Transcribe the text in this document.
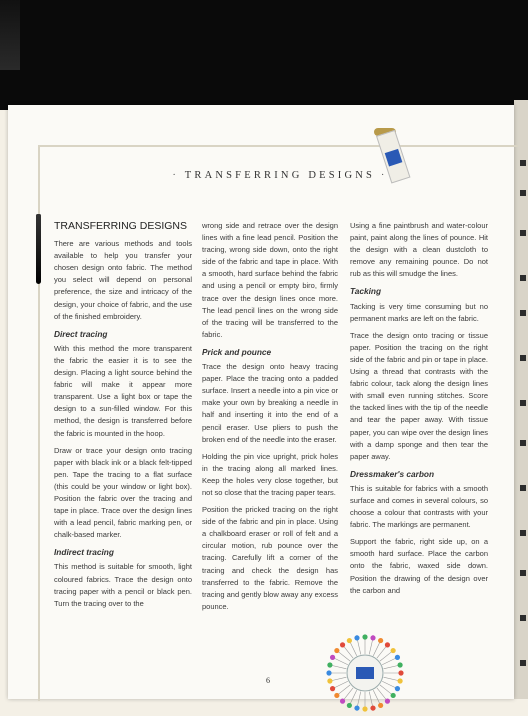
· TRANSFERRING DESIGNS ·
TRANSFERRING DESIGNS

There are various methods and tools available to help you transfer your chosen design onto fabric. The method you select will depend on personal preference, the size and intricacy of the design, your choice of fabric, and the use of the finished embroidery.

Direct tracing

With this method the more transparent the fabric the easier it is to see the design. Placing a light source behind the fabric will make it appear more transparent. Use a light box or tape the design to a sun-filled window. For this method, the design is transferred before the fabric is mounted in the hoop.

Draw or trace your design onto tracing paper with black ink or a black felt-tipped pen. Tape the tracing to a flat surface (this could be your window or light box). Position the fabric over the tracing and tape in place. Trace over the design lines with a lead pencil, fabric marking pen, or chalk-based marker.

Indirect tracing

This method is suitable for smooth, light coloured fabrics. Trace the design onto tracing paper with a pencil or black pen. Turn the tracing over to the

wrong side and retrace over the design lines with a fine lead pencil. Position the tracing, wrong side down, onto the right side of the fabric and tape in place. With a smooth, hard surface behind the fabric and using a pencil or empty biro, firmly trace over the design lines once more. The lead pencil lines on the wrong side of the tracing will be transferred to the fabric.

Prick and pounce

Trace the design onto heavy tracing paper. Place the tracing onto a padded surface. Insert a needle into a pin vice or make your own by breaking a needle in half and inserting it into the end of a pencil eraser. Use pliers to push the broken end of the needle into the eraser.

Holding the pin vice upright, prick holes in the tracing along all marked lines. Keep the holes very close together, but not so close that the tracing paper tears.

Position the pricked tracing on the right side of the fabric and pin in place. Using a chalkboard eraser or roll of felt and a circular motion, rub pounce over the tracing. Carefully lift a corner of the tracing and check the design has transferred to the fabric. Remove the tracing and gently blow away any excess pounce.

Using a fine paintbrush and water-colour paint, paint along the lines of pounce. Hit the design with a clean dustcloth to remove any remaining pounce. Do not rub as this will smudge the lines.

Tacking

Tacking is very time consuming but no permanent marks are left on the fabric.

Trace the design onto tracing or tissue paper. Position the tracing on the right side of the fabric and pin or tape in place. Using a thread that contrasts with the fabric colour, tack along the design lines with small even running stitches. Score the tacked lines with the tip of the needle and tear the paper away. With tissue paper, you can wipe over the design lines with a damp sponge and then tear the paper away.

Dressmaker's carbon

This is suitable for fabrics with a smooth surface and comes in several colours, so choose a colour that contrasts with your fabric. The markings are permanent.

Support the fabric, right side up, on a smooth hard surface. Place the carbon onto the fabric, waxed side down. Position the drawing of the design over the carbon and

6
